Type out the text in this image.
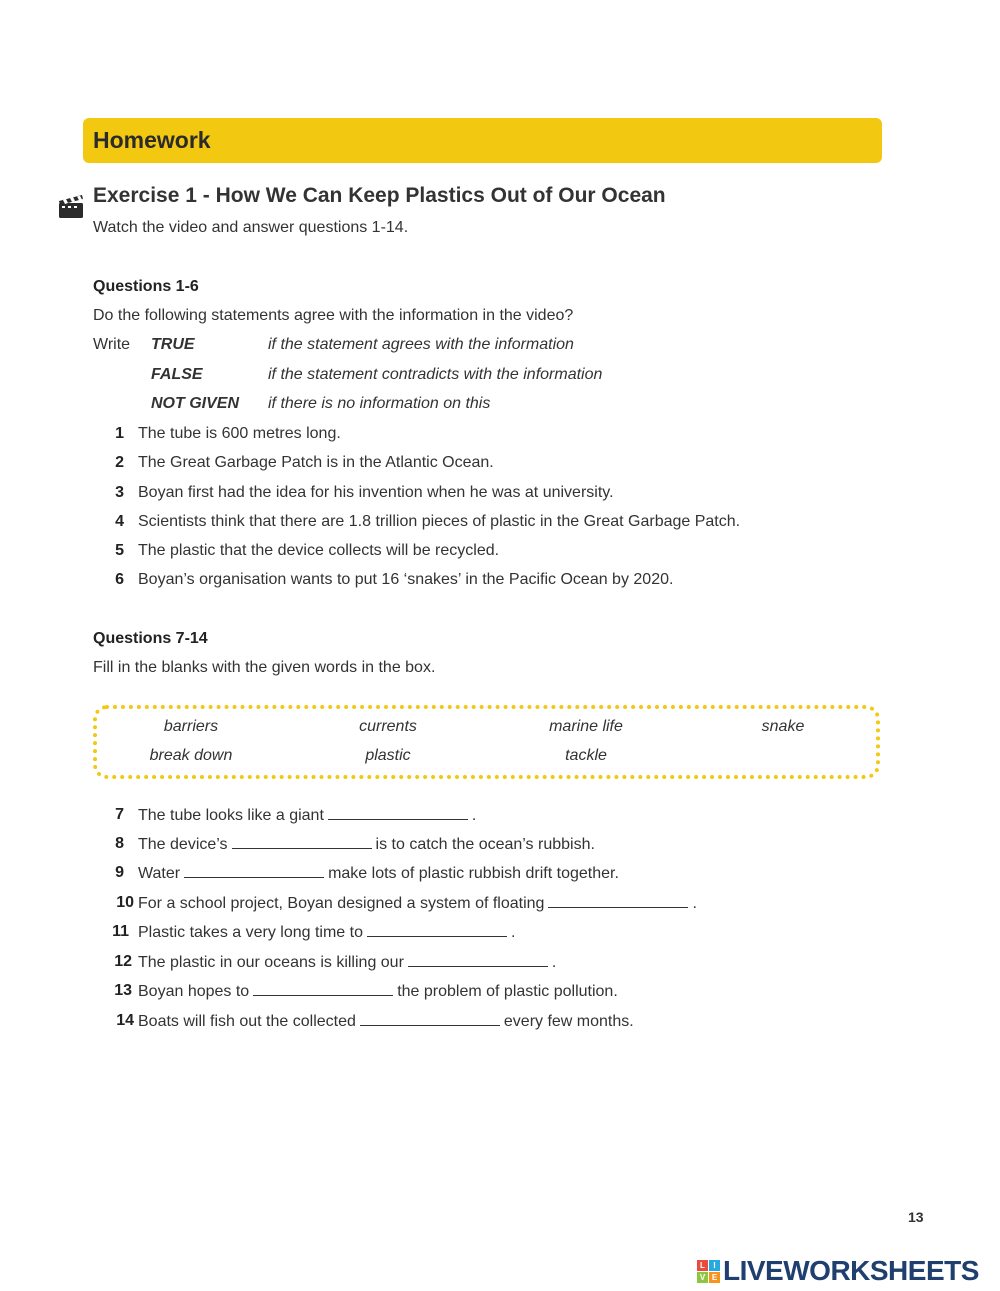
Homework
Exercise 1 - How We Can Keep Plastics Out of Our Ocean
Watch the video and answer questions 1-14.
Questions 1-6
Do the following statements agree with the information in the video?
Write TRUE	if the statement agrees with the information
FALSE	if the statement contradicts with the information
NOT GIVEN if there is no information on this
1 The tube is 600 metres long.
2 The Great Garbage Patch is in the Atlantic Ocean.
3 Boyan first had the idea for his invention when he was at university.
4 Scientists think that there are 1.8 trillion pieces of plastic in the Great Garbage Patch.
5 The plastic that the device collects will be recycled.
6 Boyan’s organisation wants to put 16 ‘snakes’ in the Pacific Ocean by 2020.
Questions 7-14
Fill in the blanks with the given words in the box.
barriers	currents	marine life	snake
break down	plastic	tackle
7 The tube looks like a giant	.
8 The device’s	is to catch the ocean’s rubbish.
9 Water	make lots of plastic rubbish drift together.
10 For a school project, Boyan designed a system of floating	.
11 Plastic takes a very long time to	.
12 The plastic in our oceans is killing our	.
13 Boyan hopes to	the problem of plastic pollution.
14 Boats will fish out the collected	every few months.
13
L	I
V E LIVEWORKSHEETS
